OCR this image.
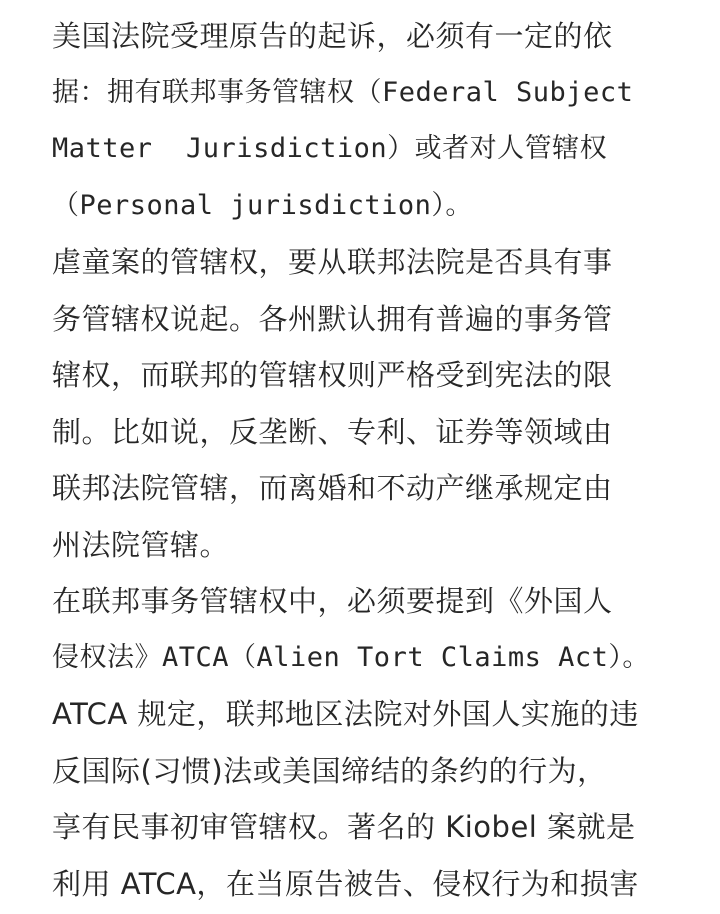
美国法院受理原告的起诉，必须有一定的依
据：拥有联邦事务管辖权（Federal Subject
Matter  Jurisdiction）或者对人管辖权
（Personal jurisdiction）。
虐童案的管辖权，要从联邦法院是否具有事
务管辖权说起。各州默认拥有普遍的事务管
辖权，而联邦的管辖权则严格受到宪法的限
制。比如说，反垄断、专利、证券等领域由
联邦法院管辖，而离婚和不动产继承规定由
州法院管辖。
在联邦事务管辖权中，必须要提到《外国人
侵权法》ATCA（Alien Tort Claims Act）。
ATCA 规定，联邦地区法院对外国人实施的违
反国际(习惯)法或美国缔结的条约的行为，
享有民事初审管辖权。著名的 Kiobel 案就是
利用 ATCA，在当原告被告、侵权行为和损害
